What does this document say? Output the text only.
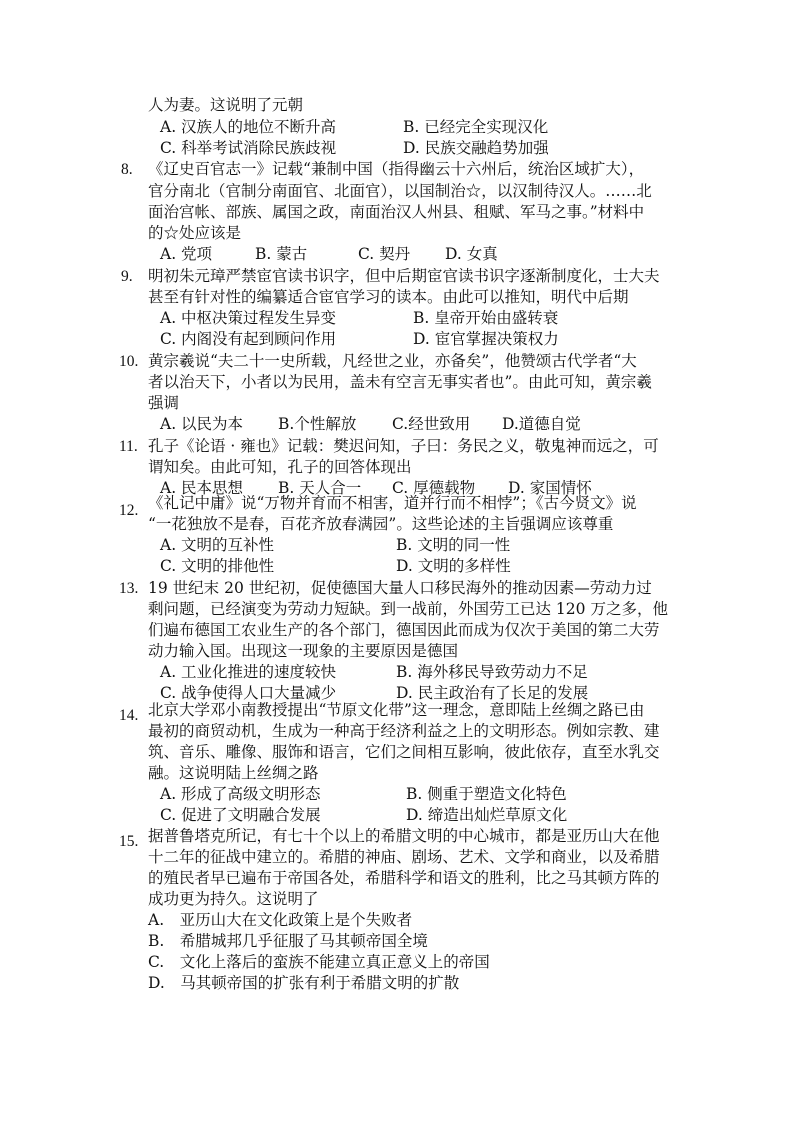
人为妻。这说明了元朝
A. 汉族人的地位不断升高	B. 已经完全实现汉化
C. 科举考试消除民族歧视	D. 民族交融趋势加强
8. 《辽史百官志一》记载“兼制中国（指得幽云十六州后，统治区域扩大），
官分南北（官制分南面官、北面官），以国制治☆，以汉制待汉人。……北
面治宫帐、部族、属国之政，南面治汉人州县、租赋、军马之事。”材料中
的☆处应该是
A. 党项	B. 蒙古	C. 契丹 D. 女真
9. 明初朱元璋严禁宦官读书识字，但中后期宦官读书识字逐渐制度化，士大夫
甚至有针对性的编纂适合宦官学习的读本。由此可以推知，明代中后期
A. 中枢决策过程发生异变	B. 皇帝开始由盛转衰
C. 内阁没有起到顾问作用	D. 宦官掌握决策权力
10. 黄宗羲说“夫二十一史所载，凡经世之业，亦备矣”，他赞颂古代学者“大
者以治天下，小者以为民用，盖未有空言无事实者也”。由此可知，黄宗羲
强调
A. 以民为本 B.个性解放 C.经世致用 D.道德自觉
11. 孔子《论语 · 雍也》记载：樊迟问知，子曰：务民之义，敬鬼神而远之，可
谓知矣。由此可知，孔子的回答体现出
A. 民本思想 B. 天人合一 C. 厚德载物 D. 家国情怀
12. 《礼记中庸》说“万物并育而不相害，道并行而不相悖”；《古今贤文》说
“一花独放不是春，百花齐放春满园”。这些论述的主旨强调应该尊重
A. 文明的互补性	B. 文明的同一性
C. 文明的排他性	D. 文明的多样性
13. 19 世纪末 20 世纪初，促使德国大量人口移民海外的推动因素—劳动力过
剩问题，已经演变为劳动力短缺。到一战前，外国劳工已达 120 万之多，他
们遍布德国工农业生产的各个部门，德国因此而成为仅次于美国的第二大劳
动力输入国。出现这一现象的主要原因是德国
A. 工业化推进的速度较快	B. 海外移民导致劳动力不足
C. 战争使得人口大量减少	D. 民主政治有了长足的发展
14. 北京大学邓小南教授提出“节原文化带”这一理念，意即陆上丝绸之路已由
最初的商贸动机，生成为一种高于经济利益之上的文明形态。例如宗教、建
筑、音乐、雕像、服饰和语言，它们之间相互影响，彼此依存，直至水乳交
融。这说明陆上丝绸之路
A. 形成了高级文明形态	B. 侧重于塑造文化特色
C. 促进了文明融合发展	D. 缔造出灿烂草原文化
15. 据普鲁塔克所记，有七十个以上的希腊文明的中心城市，都是亚历山大在他
十二年的征战中建立的。希腊的神庙、剧场、艺术、文学和商业，以及希腊
的殖民者早已遍布于帝国各处，希腊科学和语文的胜利，比之马其顿方阵的
成功更为持久。这说明了
A.　亚历山大在文化政策上是个失败者
B.　希腊城邦几乎征服了马其顿帝国全境
C.　文化上落后的蛮族不能建立真正意义上的帝国
D.　马其顿帝国的扩张有利于希腊文明的扩散
